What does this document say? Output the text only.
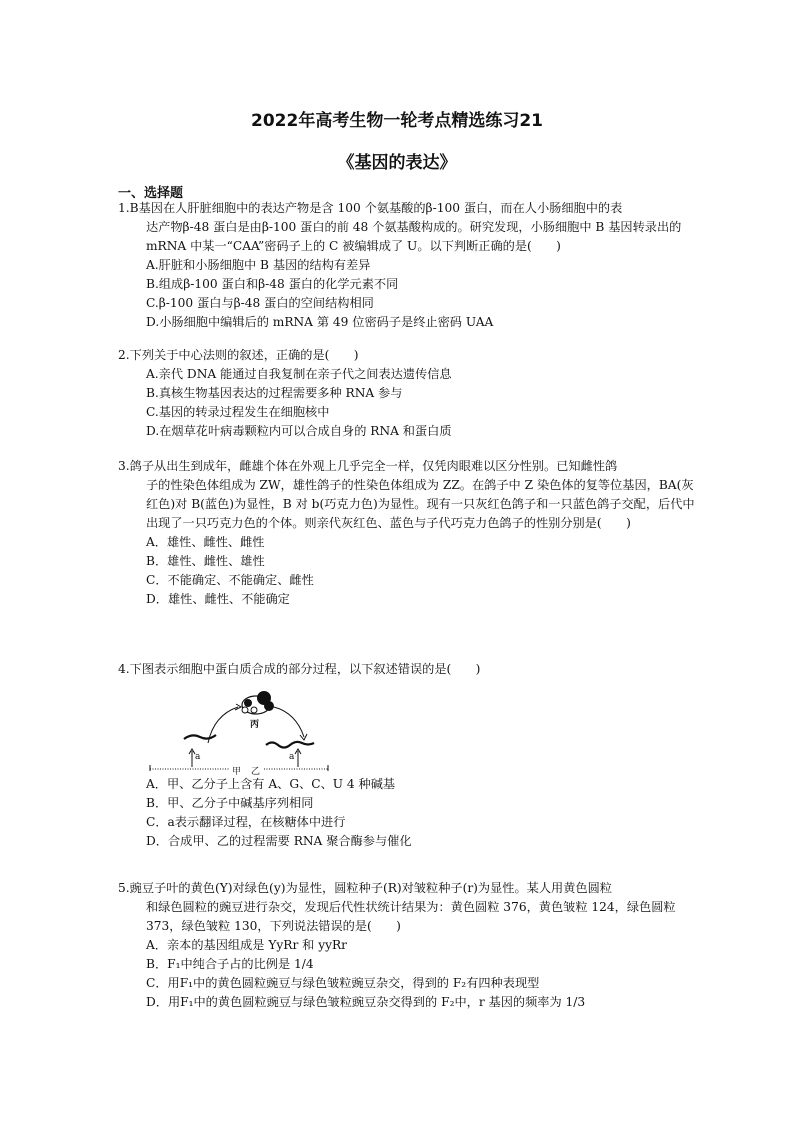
2022年高考生物一轮考点精选练习21
《基因的表达》
一、选择题

1.B基因在人肝脏细胞中的表达产物是含 100 个氨基酸的β-100 蛋白，而在人小肠细胞中的表
达产物β-48 蛋白是由β-100 蛋白的前 48 个氨基酸构成的。研究发现，小肠细胞中 B 基因转录出的 mRNA 中某一“CAA”密码子上的 C 被编辑成了 U。以下判断正确的是(　　)

A.肝脏和小肠细胞中 B 基因的结构有差异

B.组成β-100 蛋白和β-48 蛋白的化学元素不同

C.β-100 蛋白与β-48 蛋白的空间结构相同

D.小肠细胞中编辑后的 mRNA 第 49 位密码子是终止密码 UAA

2.下列关于中心法则的叙述，正确的是(　　)

A.亲代 DNA 能通过自我复制在亲子代之间表达遗传信息

B.真核生物基因表达的过程需要多种 RNA 参与

C.基因的转录过程发生在细胞核中

D.在烟草花叶病毒颗粒内可以合成自身的 RNA 和蛋白质

3.鸽子从出生到成年，雌雄个体在外观上几乎完全一样，仅凭肉眼难以区分性别。已知雌性鸽
子的性染色体组成为 ZW，雄性鸽子的性染色体组成为 ZZ。在鸽子中 Z 染色体的复等位基因，BA(灰红色)对 B(蓝色)为显性，B 对 b(巧克力色)为显性。现有一只灰红色鸽子和一只蓝色鸽子交配，后代中出现了一只巧克力色的个体。则亲代灰红色、蓝色与子代巧克力色鸽子的性别分别是(　　)

A．雄性、雌性、雌性

B．雄性、雌性、雄性

C．不能确定、不能确定、雌性

D．雄性、雌性、不能确定

4.下图表示细胞中蛋白质合成的部分过程，以下叙述错误的是(　　)

丙
a	a
甲 乙

A．甲、乙分子上含有 A、G、C、U 4 种碱基

B．甲、乙分子中碱基序列相同

C．a表示翻译过程，在核糖体中进行

D．合成甲、乙的过程需要 RNA 聚合酶参与催化

5.豌豆子叶的黄色(Y)对绿色(y)为显性，圆粒种子(R)对皱粒种子(r)为显性。某人用黄色圆粒
和绿色圆粒的豌豆进行杂交，发现后代性状统计结果为：黄色圆粒 376，黄色皱粒 124，绿色圆粒 373，绿色皱粒 130，下列说法错误的是(　　)

A．亲本的基因组成是 YyRr 和 yyRr

B．F₁中纯合子占的比例是 1/4

C．用F₁中的黄色圆粒豌豆与绿色皱粒豌豆杂交，得到的 F₂有四种表现型

D．用F₁中的黄色圆粒豌豆与绿色皱粒豌豆杂交得到的 F₂中，r 基因的频率为 1/3
